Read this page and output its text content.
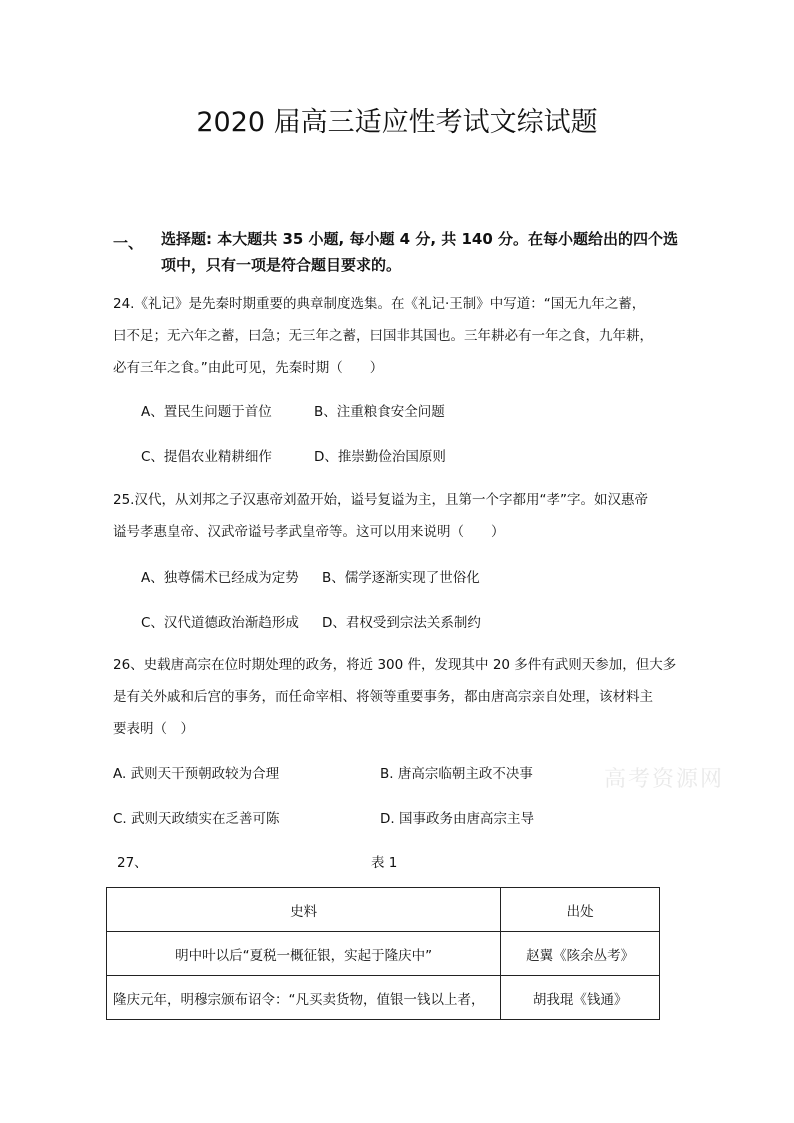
2020 届高三适应性考试文综试题
一、 选择题: 本大题共 35 小题, 每小题 4 分, 共 140 分。在每小题给出的四个选
项中，只有一项是符合题目要求的。
24.《礼记》是先秦时期重要的典章制度选集。在《礼记·王制》中写道：“国无九年之蓄，
曰不足；无六年之蓄，曰急；无三年之蓄，曰国非其国也。三年耕必有一年之食，九年耕，
必有三年之食。”由此可见，先秦时期（　　）
A、置民生问题于首位	B、注重粮食安全问题
C、提倡农业精耕细作	D、推崇勤俭治国原则
25.汉代，从刘邦之子汉惠帝刘盈开始，谥号复谥为主，且第一个字都用“孝”字。如汉惠帝
谥号孝惠皇帝、汉武帝谥号孝武皇帝等。这可以用来说明（　　）
A、独尊儒术已经成为定势 B、儒学逐渐实现了世俗化
C、汉代道德政治渐趋形成 D、君权受到宗法关系制约
26、史载唐高宗在位时期处理的政务，将近 300 件，发现其中 20 多件有武则天参加，但大多
是有关外戚和后宫的事务，而任命宰相、将领等重要事务，都由唐高宗亲自处理，该材料主
要表明（　）
A. 武则天干预朝政较为合理	B. 唐高宗临朝主政不决事
C. 武则天政绩实在乏善可陈	D. 国事政务由唐高宗主导
高考资源网
27、	表 1
史料	出处
明中叶以后“夏税一概征银，实起于隆庆中”	赵翼《陔余丛考》
隆庆元年，明穆宗颁布诏令：“凡买卖货物，值银一钱以上者，	胡我琨《钱通》
